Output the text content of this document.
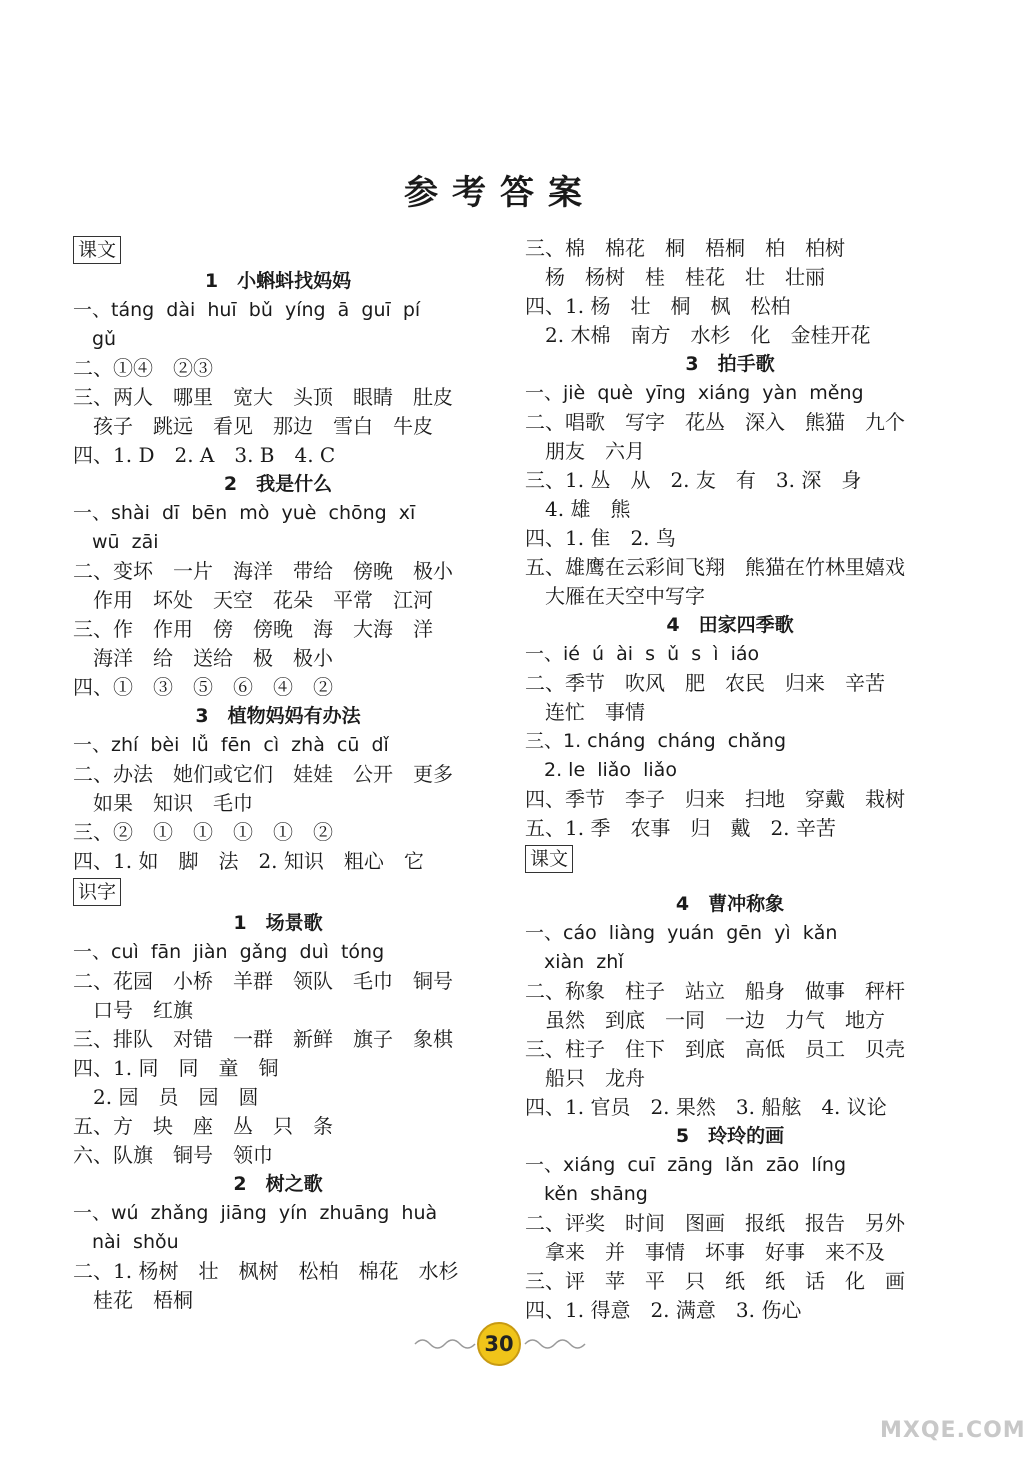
参考答案
课文
1　小蝌蚪找妈妈
一、táng  dài  huī  bǔ  yíng  ā  guī  pí
　gǔ
二、①④　②③
三、两人　哪里　宽大　头顶　眼睛　肚皮
　孩子　跳远　看见　那边　雪白　牛皮
四、1. D　2. A　3. B　4. C
2　我是什么
一、shài  dī  bēn  mò  yuè  chōng  xī
　wū  zāi
二、变坏　一片　海洋　带给　傍晚　极小
　作用　坏处　天空　花朵　平常　江河
三、作　作用　傍　傍晚　海　大海　洋
　海洋　给　送给　极　极小
四、①　③　⑤　⑥　④　②
3　植物妈妈有办法
一、zhí  bèi  lǚ  fēn  cì  zhà  cū  dǐ
二、办法　她们或它们　娃娃　公开　更多
　如果　知识　毛巾
三、②　①　①　①　①　②
四、1. 如　脚　法　2. 知识　粗心　它
识字
1　场景歌
一、cuì  fān  jiàn  gǎng  duì  tóng
二、花园　小桥　羊群　领队　毛巾　铜号
　口号　红旗
三、排队　对错　一群　新鲜　旗子　象棋
四、1. 同　同　童　铜
　2. 园　员　园　圆
五、方　块　座　丛　只　条
六、队旗　铜号　领巾
2　树之歌
一、wú  zhǎng  jiāng  yín  zhuāng  huà
　nài  shǒu
二、1. 杨树　壮　枫树　松柏　棉花　水杉
　桂花　梧桐
三、棉　棉花　桐　梧桐　柏　柏树
　杨　杨树　桂　桂花　壮　壮丽
四、1. 杨　壮　桐　枫　松柏
　2. 木棉　南方　水杉　化　金桂开花
3　拍手歌
一、jiè  què  yīng  xiáng  yàn  měng
二、唱歌　写字　花丛　深入　熊猫　九个
　朋友　六月
三、1. 丛　从　2. 友　有　3. 深　身
　4. 雄　熊
四、1. 隹　2. 鸟
五、雄鹰在云彩间飞翔　熊猫在竹林里嬉戏
　大雁在天空中写字
4　田家四季歌
一、ié  ú  ài  s  ǔ  s  ì  iáo
二、季节　吹风　肥　农民　归来　辛苦
　连忙　事情
三、1. cháng  cháng  chǎng
　2. le  liǎo  liǎo
四、季节　李子　归来　扫地　穿戴　栽树
五、1. 季　农事　归　戴　2. 辛苦
课文
4　曹冲称象
一、cáo  liàng  yuán  gēn  yì  kǎn
　xiàn  zhǐ
二、称象　柱子　站立　船身　做事　秤杆
　虽然　到底　一同　一边　力气　地方
三、柱子　住下　到底　高低　员工　贝壳
　船只　龙舟
四、1. 官员　2. 果然　3. 船舷　4. 议论
5　玲玲的画
一、xiáng  cuī  zāng  lǎn  zāo  líng
　kěn  shāng
二、评奖　时间　图画　报纸　报告　另外
　拿来　并　事情　坏事　好事　来不及
三、评　苹　平　只　纸　纸　话　化　画
四、1. 得意　2. 满意　3. 伤心
30
MXQE.COM
